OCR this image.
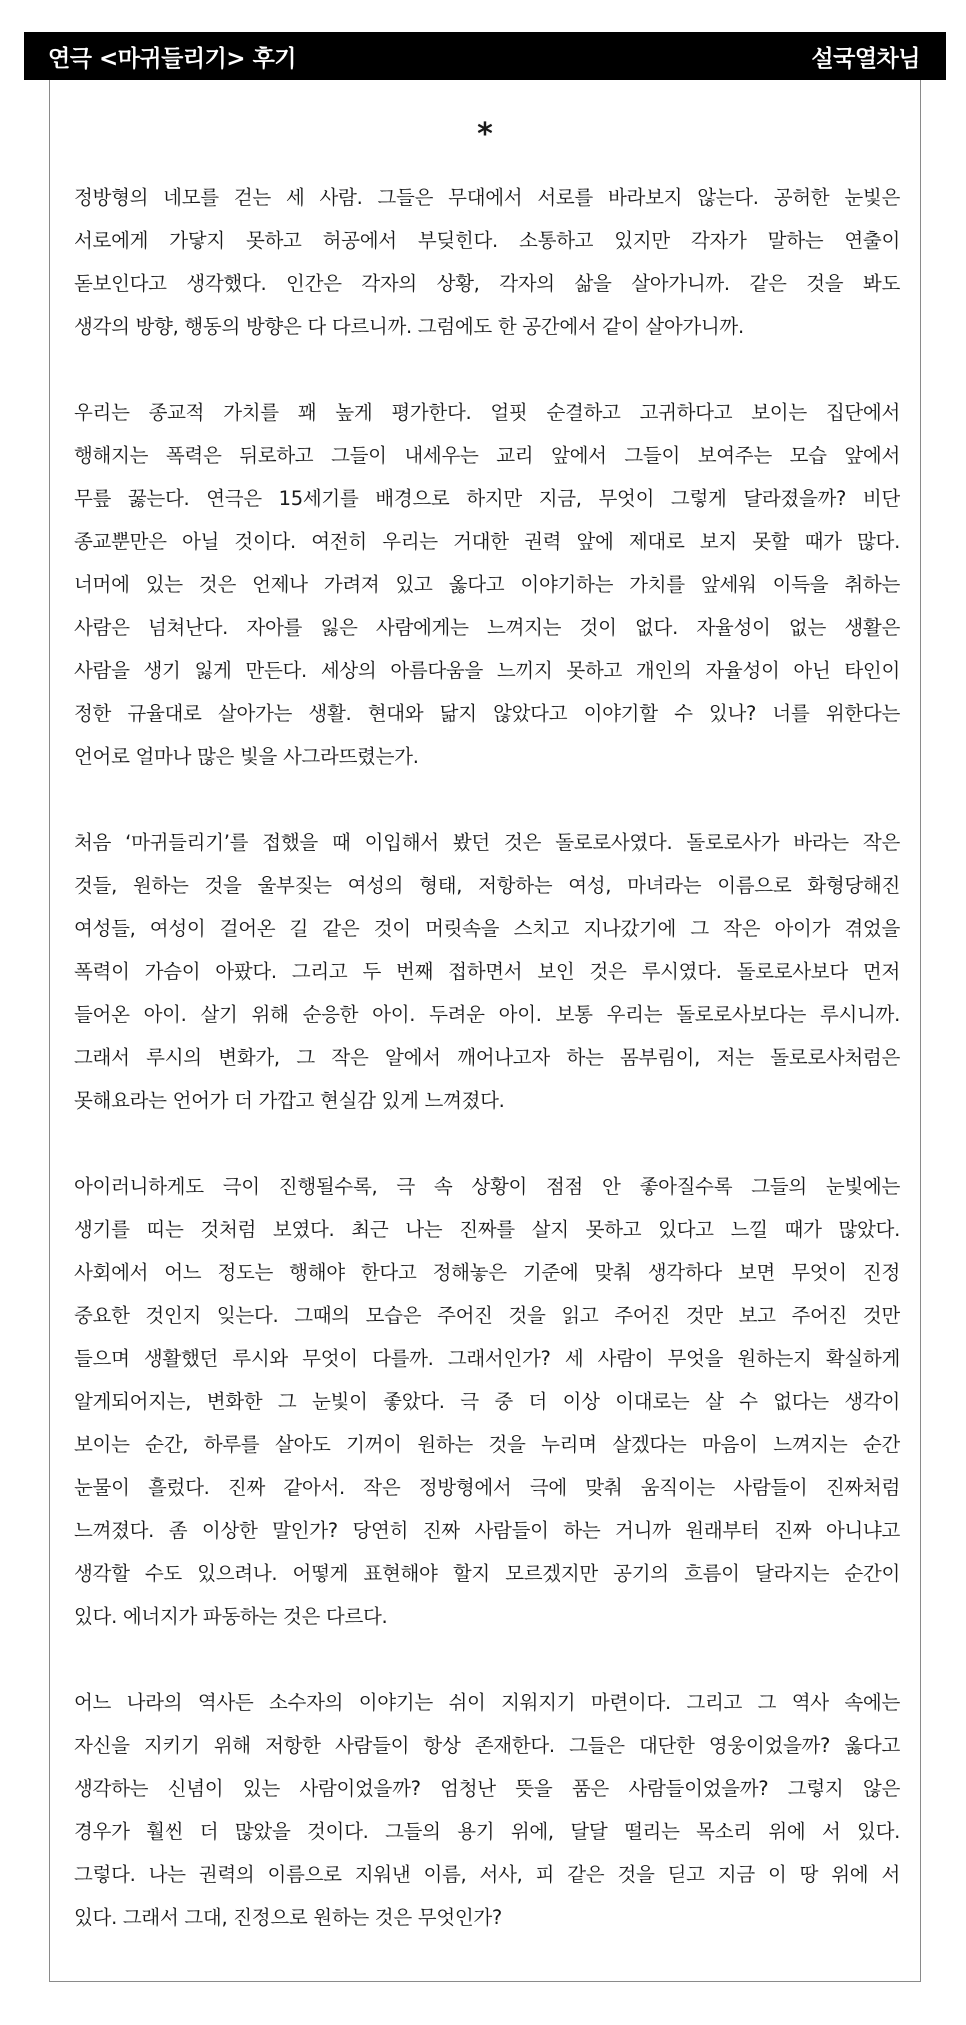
연극 <마귀들리기> 후기	설국열차님
*
정방형의 네모를 걷는 세 사람. 그들은 무대에서 서로를 바라보지 않는다. 공허한 눈빛은
서로에게 가닿지 못하고 허공에서 부딪힌다. 소통하고 있지만 각자가 말하는 연출이
돋보인다고 생각했다. 인간은 각자의 상황, 각자의 삶을 살아가니까. 같은 것을 봐도
생각의 방향, 행동의 방향은 다 다르니까. 그럼에도 한 공간에서 같이 살아가니까.
우리는 종교적 가치를 꽤 높게 평가한다. 얼핏 순결하고 고귀하다고 보이는 집단에서
행해지는 폭력은 뒤로하고 그들이 내세우는 교리 앞에서 그들이 보여주는 모습 앞에서
무릎 꿇는다. 연극은 15세기를 배경으로 하지만 지금, 무엇이 그렇게 달라졌을까? 비단
종교뿐만은 아닐 것이다. 여전히 우리는 거대한 권력 앞에 제대로 보지 못할 때가 많다.
너머에 있는 것은 언제나 가려져 있고 옳다고 이야기하는 가치를 앞세워 이득을 취하는
사람은 넘쳐난다. 자아를 잃은 사람에게는 느껴지는 것이 없다. 자율성이 없는 생활은
사람을 생기 잃게 만든다. 세상의 아름다움을 느끼지 못하고 개인의 자율성이 아닌 타인이
정한 규율대로 살아가는 생활. 현대와 닮지 않았다고 이야기할 수 있나? 너를 위한다는
언어로 얼마나 많은 빛을 사그라뜨렸는가.
처음 ‘마귀들리기’를 접했을 때 이입해서 봤던 것은 돌로로사였다. 돌로로사가 바라는 작은
것들, 원하는 것을 울부짖는 여성의 형태, 저항하는 여성, 마녀라는 이름으로 화형당해진
여성들, 여성이 걸어온 길 같은 것이 머릿속을 스치고 지나갔기에 그 작은 아이가 겪었을
폭력이 가슴이 아팠다. 그리고 두 번째 접하면서 보인 것은 루시였다. 돌로로사보다 먼저
들어온 아이. 살기 위해 순응한 아이. 두려운 아이. 보통 우리는 돌로로사보다는 루시니까.
그래서 루시의 변화가, 그 작은 알에서 깨어나고자 하는 몸부림이, 저는 돌로로사처럼은
못해요라는 언어가 더 가깝고 현실감 있게 느껴졌다.
아이러니하게도 극이 진행될수록, 극 속 상황이 점점 안 좋아질수록 그들의 눈빛에는
생기를 띠는 것처럼 보였다. 최근 나는 진짜를 살지 못하고 있다고 느낄 때가 많았다.
사회에서 어느 정도는 행해야 한다고 정해놓은 기준에 맞춰 생각하다 보면 무엇이 진정
중요한 것인지 잊는다. 그때의 모습은 주어진 것을 읽고 주어진 것만 보고 주어진 것만
들으며 생활했던 루시와 무엇이 다를까. 그래서인가? 세 사람이 무엇을 원하는지 확실하게
알게되어지는, 변화한 그 눈빛이 좋았다. 극 중 더 이상 이대로는 살 수 없다는 생각이
보이는 순간, 하루를 살아도 기꺼이 원하는 것을 누리며 살겠다는 마음이 느껴지는 순간
눈물이 흘렀다. 진짜 같아서. 작은 정방형에서 극에 맞춰 움직이는 사람들이 진짜처럼
느껴졌다. 좀 이상한 말인가? 당연히 진짜 사람들이 하는 거니까 원래부터 진짜 아니냐고
생각할 수도 있으려나. 어떻게 표현해야 할지 모르겠지만 공기의 흐름이 달라지는 순간이
있다. 에너지가 파동하는 것은 다르다.
어느 나라의 역사든 소수자의 이야기는 쉬이 지워지기 마련이다. 그리고 그 역사 속에는
자신을 지키기 위해 저항한 사람들이 항상 존재한다. 그들은 대단한 영웅이었을까? 옳다고
생각하는 신념이 있는 사람이었을까? 엄청난 뜻을 품은 사람들이었을까? 그렇지 않은
경우가 훨씬 더 많았을 것이다. 그들의 용기 위에, 달달 떨리는 목소리 위에 서 있다.
그렇다. 나는 권력의 이름으로 지워낸 이름, 서사, 피 같은 것을 딛고 지금 이 땅 위에 서
있다. 그래서 그대, 진정으로 원하는 것은 무엇인가?
